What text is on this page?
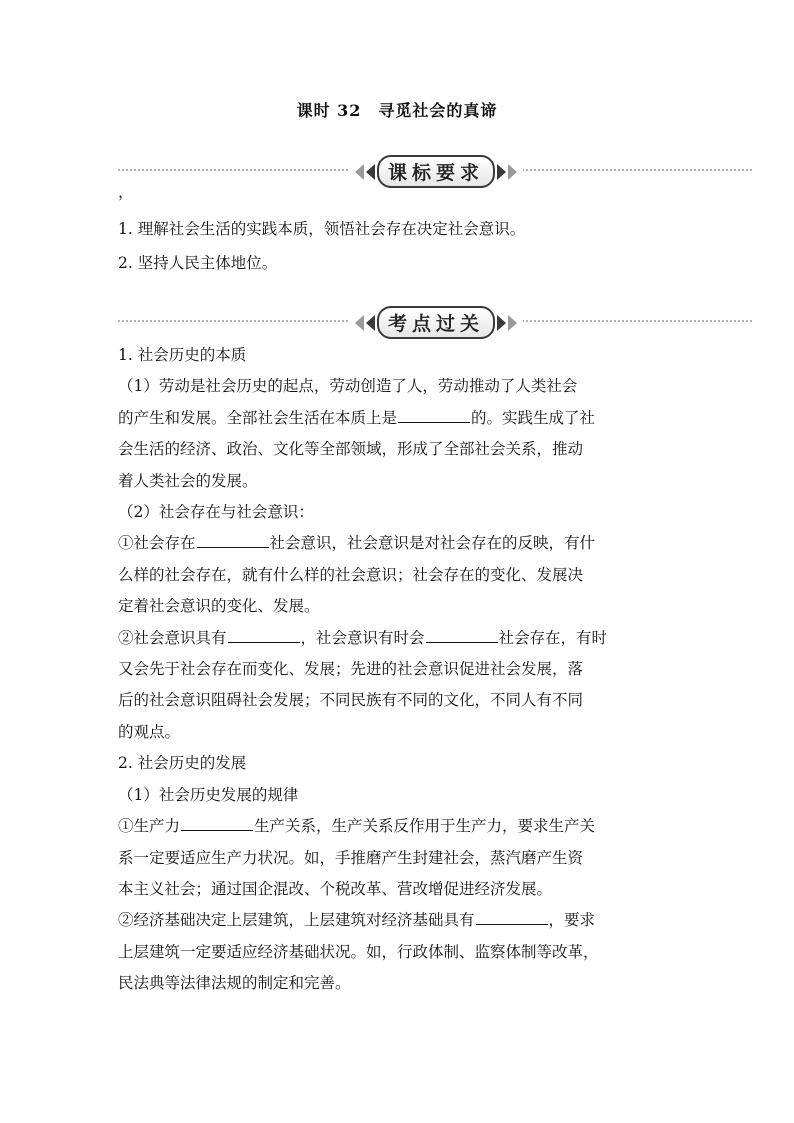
课时 32　寻觅社会的真谛
课标要求
，
1. 理解社会生活的实践本质，领悟社会存在决定社会意识。
2. 坚持人民主体地位。
考点过关
1. 社会历史的本质
（1）劳动是社会历史的起点，劳动创造了人，劳动推动了人类社会
的产生和发展。全部社会生活在本质上是	的。实践生成了社
会生活的经济、政治、文化等全部领域，形成了全部社会关系，推动
着人类社会的发展。
（2）社会存在与社会意识：
①社会存在	社会意识，社会意识是对社会存在的反映，有什
么样的社会存在，就有什么样的社会意识；社会存在的变化、发展决
定着社会意识的变化、发展。
②社会意识具有	，社会意识有时会	社会存在，有时
又会先于社会存在而变化、发展；先进的社会意识促进社会发展，落
后的社会意识阻碍社会发展；不同民族有不同的文化，不同人有不同
的观点。
2. 社会历史的发展
（1）社会历史发展的规律
①生产力	生产关系，生产关系反作用于生产力，要求生产关
系一定要适应生产力状况。如，手推磨产生封建社会，蒸汽磨产生资
本主义社会；通过国企混改、个税改革、营改增促进经济发展。
②经济基础决定上层建筑，上层建筑对经济基础具有	，要求
上层建筑一定要适应经济基础状况。如，行政体制、监察体制等改革，
民法典等法律法规的制定和完善。
